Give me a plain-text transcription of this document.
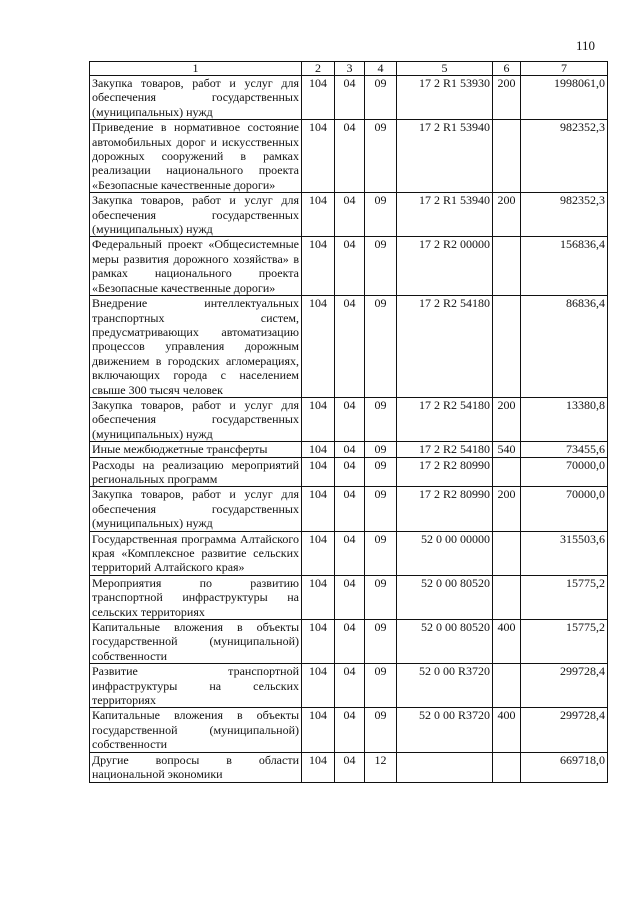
110
1	2	3	4	5	6	7
Закупка товаров, работ и услуг для обеспечения государственных (муниципальных) нужд	104	04	09	17 2 R1 53930	200	1998061,0
Приведение в нормативное состояние автомобильных дорог и искусственных дорожных сооружений в рамках реализации национального проекта «Безопасные качественные дороги»	104	04	09	17 2 R1 53940		982352,3
Закупка товаров, работ и услуг для обеспечения государственных (муниципальных) нужд	104	04	09	17 2 R1 53940	200	982352,3
Федеральный проект «Общесистемные меры развития дорожного хозяйства» в рамках национального проекта «Безопасные качественные дороги»	104	04	09	17 2 R2 00000		156836,4
Внедрение интеллектуальных транспортных систем, предусматривающих автоматизацию процессов управления дорожным движением в городских агломерациях, включающих города с населением свыше 300 тысяч человек	104	04	09	17 2 R2 54180		86836,4
Закупка товаров, работ и услуг для обеспечения государственных (муниципальных) нужд	104	04	09	17 2 R2 54180	200	13380,8
Иные межбюджетные трансферты	104	04	09	17 2 R2 54180	540	73455,6
Расходы на реализацию мероприятий региональных программ	104	04	09	17 2 R2 80990		70000,0
Закупка товаров, работ и услуг для обеспечения государственных (муниципальных) нужд	104	04	09	17 2 R2 80990	200	70000,0
Государственная программа Алтайского края «Комплексное развитие сельских территорий Алтайского края»	104	04	09	52 0 00 00000		315503,6
Мероприятия по развитию транспортной инфраструктуры на сельских территориях	104	04	09	52 0 00 80520		15775,2
Капитальные вложения в объекты государственной (муниципальной) собственности	104	04	09	52 0 00 80520	400	15775,2
Развитие транспортной инфраструктуры на сельских территориях	104	04	09	52 0 00 R3720		299728,4
Капитальные вложения в объекты государственной (муниципальной) собственности	104	04	09	52 0 00 R3720	400	299728,4
Другие вопросы в области национальной экономики	104	04	12			669718,0
